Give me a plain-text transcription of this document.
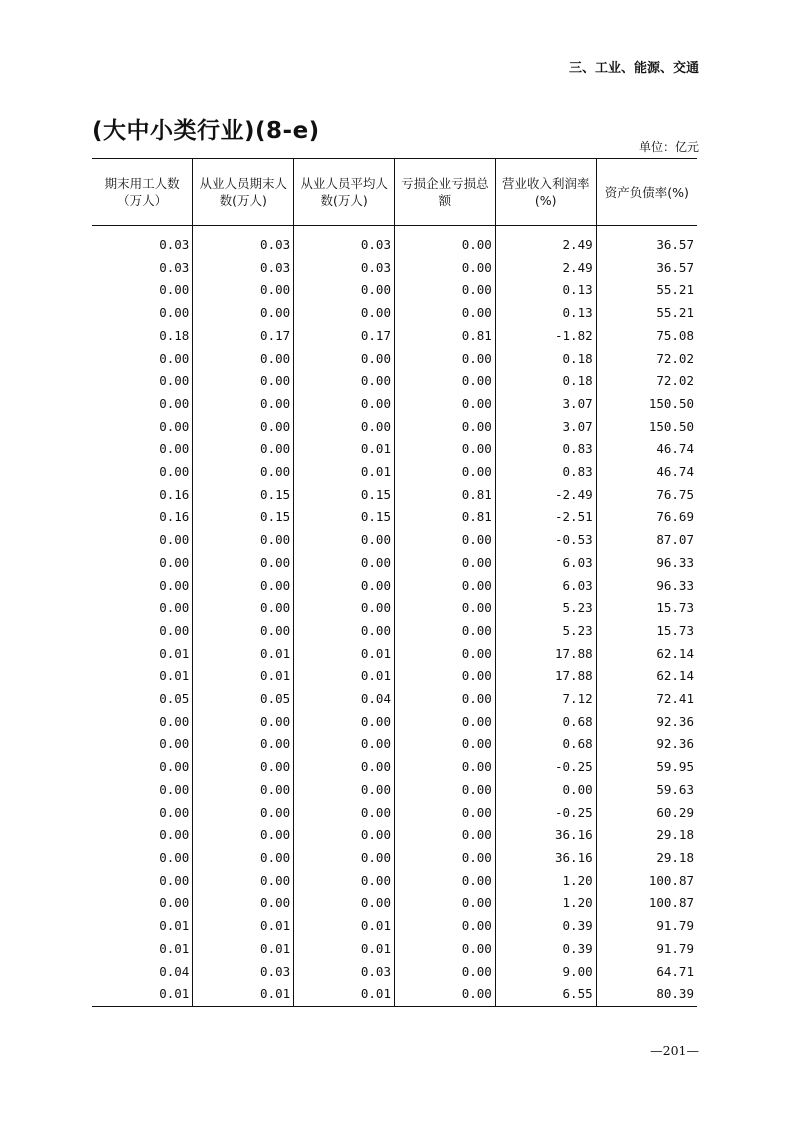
三、工业、能源、交通
(大中小类行业)(8-e)
单位：亿元
期末用工人数（万人）	从业人员期末人数(万人)	从业人员平均人数(万人)	亏损企业亏损总额	营业收入利润率(%)	资产负债率(%)
0.03	0.03	0.03	0.00	2.49	36.57
0.03	0.03	0.03	0.00	2.49	36.57
0.00	0.00	0.00	0.00	0.13	55.21
0.00	0.00	0.00	0.00	0.13	55.21
0.18	0.17	0.17	0.81	-1.82	75.08
0.00	0.00	0.00	0.00	0.18	72.02
0.00	0.00	0.00	0.00	0.18	72.02
0.00	0.00	0.00	0.00	3.07	150.50
0.00	0.00	0.00	0.00	3.07	150.50
0.00	0.00	0.01	0.00	0.83	46.74
0.00	0.00	0.01	0.00	0.83	46.74
0.16	0.15	0.15	0.81	-2.49	76.75
0.16	0.15	0.15	0.81	-2.51	76.69
0.00	0.00	0.00	0.00	-0.53	87.07
0.00	0.00	0.00	0.00	6.03	96.33
0.00	0.00	0.00	0.00	6.03	96.33
0.00	0.00	0.00	0.00	5.23	15.73
0.00	0.00	0.00	0.00	5.23	15.73
0.01	0.01	0.01	0.00	17.88	62.14
0.01	0.01	0.01	0.00	17.88	62.14
0.05	0.05	0.04	0.00	7.12	72.41
0.00	0.00	0.00	0.00	0.68	92.36
0.00	0.00	0.00	0.00	0.68	92.36
0.00	0.00	0.00	0.00	-0.25	59.95
0.00	0.00	0.00	0.00	0.00	59.63
0.00	0.00	0.00	0.00	-0.25	60.29
0.00	0.00	0.00	0.00	36.16	29.18
0.00	0.00	0.00	0.00	36.16	29.18
0.00	0.00	0.00	0.00	1.20	100.87
0.00	0.00	0.00	0.00	1.20	100.87
0.01	0.01	0.01	0.00	0.39	91.79
0.01	0.01	0.01	0.00	0.39	91.79
0.04	0.03	0.03	0.00	9.00	64.71
0.01	0.01	0.01	0.00	6.55	80.39
—201—
